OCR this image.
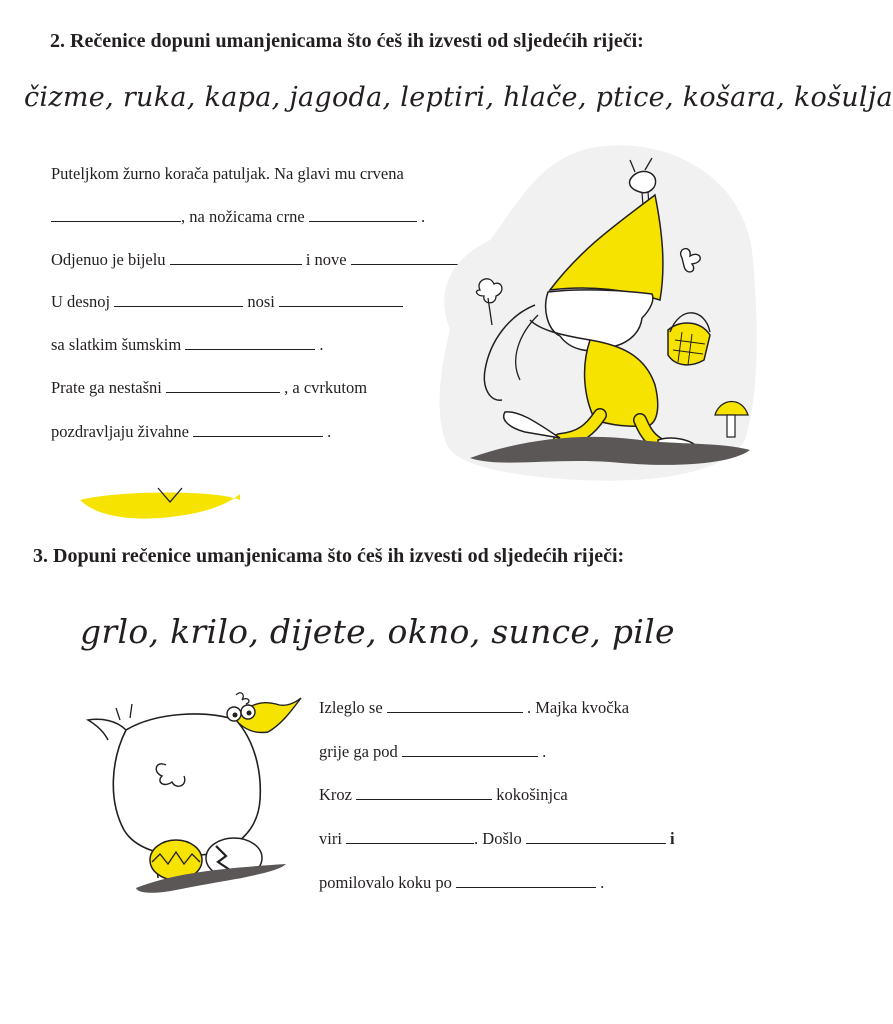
2. Rečenice dopuni umanjenicama što ćeš ih izvesti od sljedećih riječi:
čizme, ruka, kapa, jagoda, leptiri, hlače, ptice, košara, košulja
Puteljkom žurno korača patuljak. Na glavi mu crvena
, na nožicama crne	.
Odjenuo je bijelu	i nove
U desnoj	nosi
sa slatkim šumskim	.
Prate ga nestašni	, a cvrkutom
pozdravljaju živahne	.
3. Dopuni rečenice umanjenicama što ćeš ih izvesti od sljedećih riječi:
grlo, krilo, dijete, okno, sunce, pile
Izleglo se	. Majka kvočka
grije ga pod	.
Kroz	kokošinjca
viri	. Došlo	i
pomilovalo koku po	.
